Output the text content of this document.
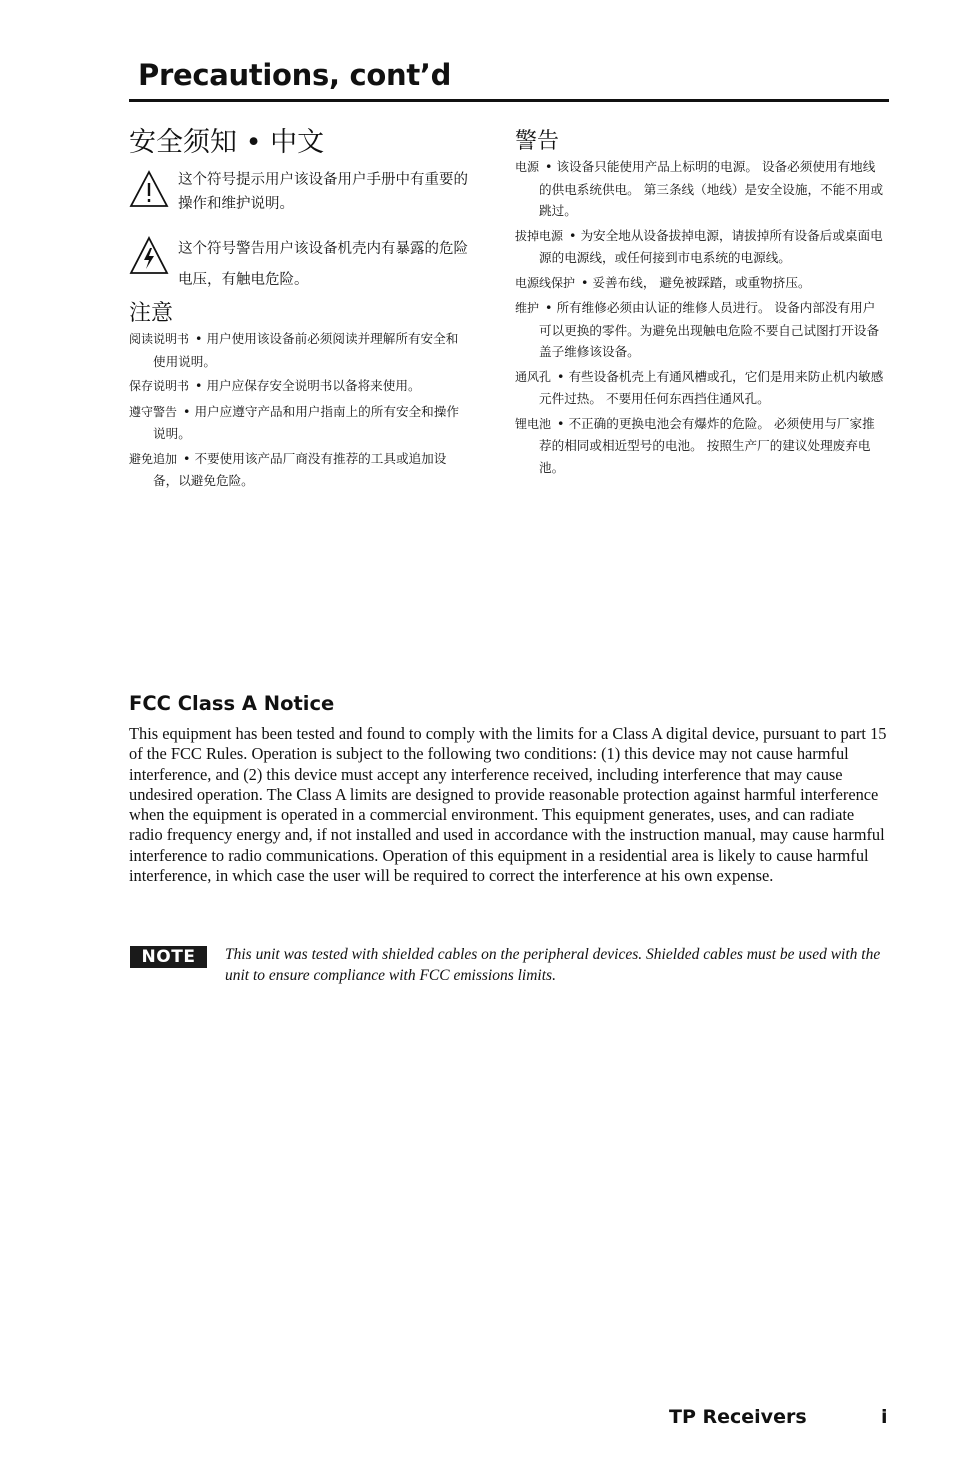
Precautions, cont’d
安全须知 • 中文
这个符号提示用户该设备用户手册中有重要的操作和维护说明。
这个符号警告用户该设备机壳内有暴露的危险电压，有触电危险。
注意
阅读说明书 • 用户使用该设备前必须阅读并理解所有安全和使用说明。
保存说明书 • 用户应保存安全说明书以备将来使用。
遵守警告 • 用户应遵守产品和用户指南上的所有安全和操作说明。
避免追加 • 不要使用该产品厂商没有推荐的工具或追加设备，以避免危险。
警告
电源 • 该设备只能使用产品上标明的电源。 设备必须使用有地线的供电系统供电。 第三条线（地线）是安全设施，不能不用或跳过。
拔掉电源 • 为安全地从设备拔掉电源，请拔掉所有设备后或桌面电源的电源线，或任何接到市电系统的电源线。
电源线保护 • 妥善布线， 避免被踩踏，或重物挤压。
维护 • 所有维修必须由认证的维修人员进行。 设备内部没有用户可以更换的零件。为避免出现触电危险不要自己试图打开设备盖子维修该设备。
通风孔 • 有些设备机壳上有通风槽或孔，它们是用来防止机内敏感元件过热。 不要用任何东西挡住通风孔。
锂电池 • 不正确的更换电池会有爆炸的危险。 必须使用与厂家推荐的相同或相近型号的电池。 按照生产厂的建议处理废弃电池。
FCC Class A Notice
This equipment has been tested and found to comply with the limits for a Class A digital device, pursuant to part 15 of the FCC Rules. Operation is subject to the following two conditions: (1) this device may not cause harmful interference, and (2) this device must accept any interference received, including interference that may cause undesired operation. The Class A limits are designed to provide reasonable protection against harmful interference when the equipment is operated in a commercial environment. This equipment generates, uses, and can radiate radio frequency energy and, if not installed and used in accordance with the instruction manual, may cause harmful interference to radio communications. Operation of this equipment in a residential area is likely to cause harmful interference, in which case the user will be required to correct the interference at his own expense.
NOTE	This unit was tested with shielded cables on the peripheral devices. Shielded cables must be used with the unit to ensure compliance with FCC emissions limits.
TP Receivers	i
